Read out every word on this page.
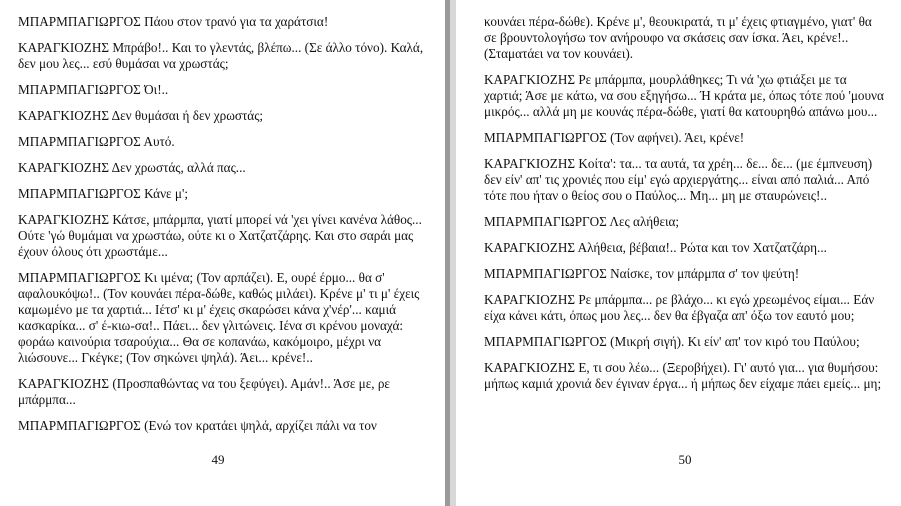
ΜΠΑΡΜΠΑΓΙΩΡΓΟΣ Πάου στον τρανό για τα χαράτσια!

ΚΑΡΑΓΚΙΟΖΗΣ Μπράβο!.. Και το γλεντάς, βλέπω... (Σε άλλο τόνο). Καλά, δεν μου λες... εσύ θυμάσαι να χρωστάς;

ΜΠΑΡΜΠΑΓΙΩΡΓΟΣ Όι!..

ΚΑΡΑΓΚΙΟΖΗΣ Δεν θυμάσαι ή δεν χρωστάς;

ΜΠΑΡΜΠΑΓΙΩΡΓΟΣ Αυτό.

ΚΑΡΑΓΚΙΟΖΗΣ Δεν χρωστάς, αλλά πας...

ΜΠΑΡΜΠΑΓΙΩΡΓΟΣ Κάνε μ';

ΚΑΡΑΓΚΙΟΖΗΣ Κάτσε, μπάρμπα, γιατί μπορεί νά 'χει γίνει κανένα λάθος... Ούτε 'γώ θυμάμαι να χρωστάω, ούτε κι ο Χατζατζάρης. Και στο σαράι μας έχουν όλους ότι χρωστάμε...

ΜΠΑΡΜΠΑΓΙΩΡΓΟΣ Κι ιμένα; (Τον αρπάζει). Ε, ουρέ έρμο... θα σ' αφαλουκόψω!.. (Τον κουνάει πέρα-δώθε, καθώς μιλάει). Κρένε μ' τι μ' έχεις καμωμένο με τα χαρτιά... Ιέτσ' κι μ' έχεις σκαρώσει κάνα χ'νέρ'... καμιά κασκαρίκα... σ' έ-κιω-σα!.. Πάει... δεν γλιτώνεις. Ιένα σι κρένου μοναχά: φοράω καινούρια τσαρούχια... Θα σε κοπανάω, κακόμοιρο, μέχρι να λιώσουνε... Γκέγκε; (Τον σηκώνει ψηλά). Άει... κρένε!..

ΚΑΡΑΓΚΙΟΖΗΣ (Προσπαθώντας να του ξεφύγει). Αμάν!.. Άσε με, ρε μπάρμπα...

ΜΠΑΡΜΠΑΓΙΩΡΓΟΣ (Ενώ τον κρατάει ψηλά, αρχίζει πάλι να τον

49

κουνάει πέρα-δώθε). Κρένε μ', θεουκιρατά, τι μ' έχεις φτιαγμένο, γιατ' θα σε βρουντολογήσω τον ανήρουφο να σκάσεις σαν ίσκα. Άει, κρένε!.. (Σταματάει να τον κουνάει).

ΚΑΡΑΓΚΙΟΖΗΣ Ρε μπάρμπα, μουρλάθηκες; Τι νά 'χω φτιάξει με τα χαρτιά; Άσε με κάτω, να σου εξηγήσω... Ή κράτα με, όπως τότε πού 'μουνα μικρός... αλλά μη με κουνάς πέρα-δώθε, γιατί θα κατουρηθώ απάνω μου...

ΜΠΑΡΜΠΑΓΙΩΡΓΟΣ (Τον αφήνει). Άει, κρένε!

ΚΑΡΑΓΚΙΟΖΗΣ Κοίτα': τα... τα αυτά, τα χρέη... δε... δε... (με έμπνευση) δεν είν' απ' τις χρονιές που είμ' εγώ αρχιεργάτης... είναι από παλιά... Από τότε που ήταν ο θείος σου ο Παύλος... Μη... μη με σταυρώνεις!..

ΜΠΑΡΜΠΑΓΙΩΡΓΟΣ Λες αλήθεια;

ΚΑΡΑΓΚΙΟΖΗΣ Αλήθεια, βέβαια!.. Ρώτα και τον Χατζατζάρη...

ΜΠΑΡΜΠΑΓΙΩΡΓΟΣ Ναίσκε, τον μπάρμπα σ' τον ψεύτη!

ΚΑΡΑΓΚΙΟΖΗΣ Ρε μπάρμπα... ρε βλάχο... κι εγώ χρεωμένος είμαι... Εάν είχα κάνει κάτι, όπως μου λες... δεν θα έβγαζα απ' όξω τον εαυτό μου;

ΜΠΑΡΜΠΑΓΙΩΡΓΟΣ (Μικρή σιγή). Κι είν' απ' τον κιρό του Παύλου;

ΚΑΡΑΓΚΙΟΖΗΣ Ε, τι σου λέω... (Ξεροβήχει). Γι' αυτό για... για θυμήσου: μήπως καμιά χρονιά δεν έγιναν έργα... ή μήπως δεν είχαμε πάει εμείς... μη;

50
